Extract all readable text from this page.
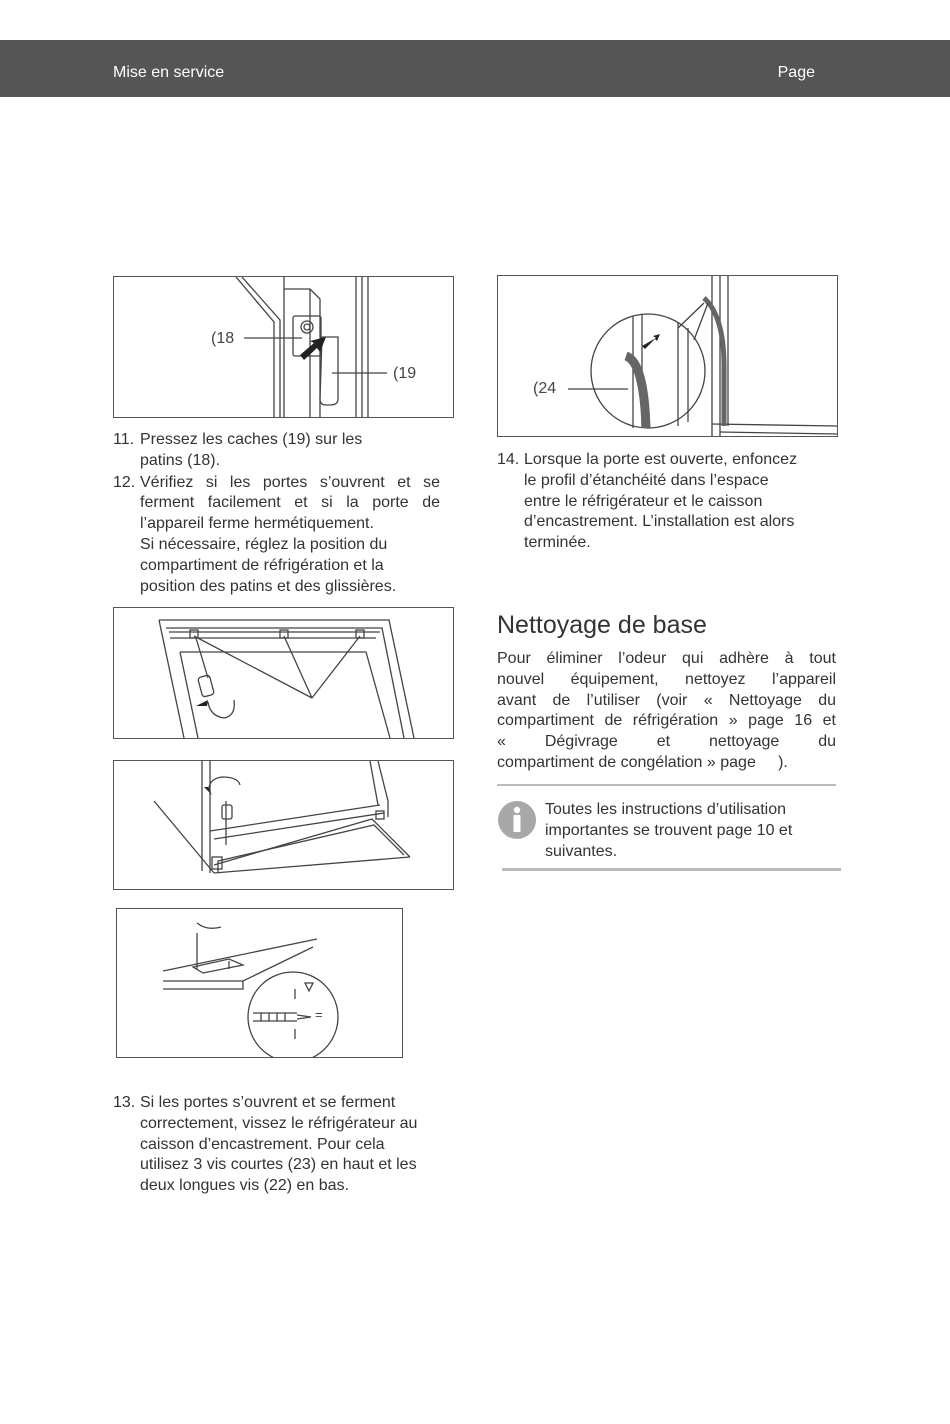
Mise en service	Page
(18
(19
(24
11. Pressez les caches (19) sur les
patins (18).
12. Vérifiez si les portes s’ouvrent et se
ferment facilement et si la porte de
l’appareil ferme hermétiquement.
Si nécessaire, réglez la position du
compartiment de réfrigération et la
position des patins et des glissières.
=
13. Si les portes s’ouvrent et se ferment
correctement, vissez le réfrigérateur au
caisson d’encastrement. Pour cela
utilisez 3 vis courtes (23) en haut et les
deux longues vis (22) en bas.
14. Lorsque la porte est ouverte, enfoncez
le profil d’étanchéité dans l’espace
entre le réfrigérateur et le caisson
d’encastrement. L’installation est alors
terminée.
Nettoyage de base
Pour éliminer l’odeur qui adhère à tout
nouvel équipement, nettoyez l’appareil
avant de l’utiliser (voir « Nettoyage du
compartiment de réfrigération » page 16 et
« Dégivrage et nettoyage du
compartiment de congélation » page     ).
Toutes les instructions d’utilisation
importantes se trouvent page 10 et
suivantes.
